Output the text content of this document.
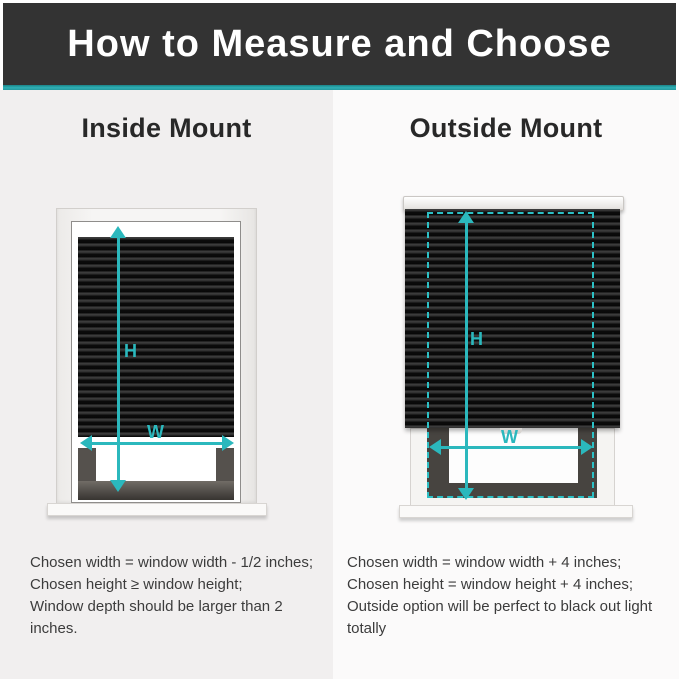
How to Measure and Choose
Inside Mount	Outside Mount
H
W
H
W

Chosen width = window width - 1/2 inches;

Chosen height ≥ window height;

Window depth should be larger than 2 inches.

Chosen width = window width + 4 inches;

Chosen height = window height + 4 inches;

Outside option will be perfect to black out light totally
